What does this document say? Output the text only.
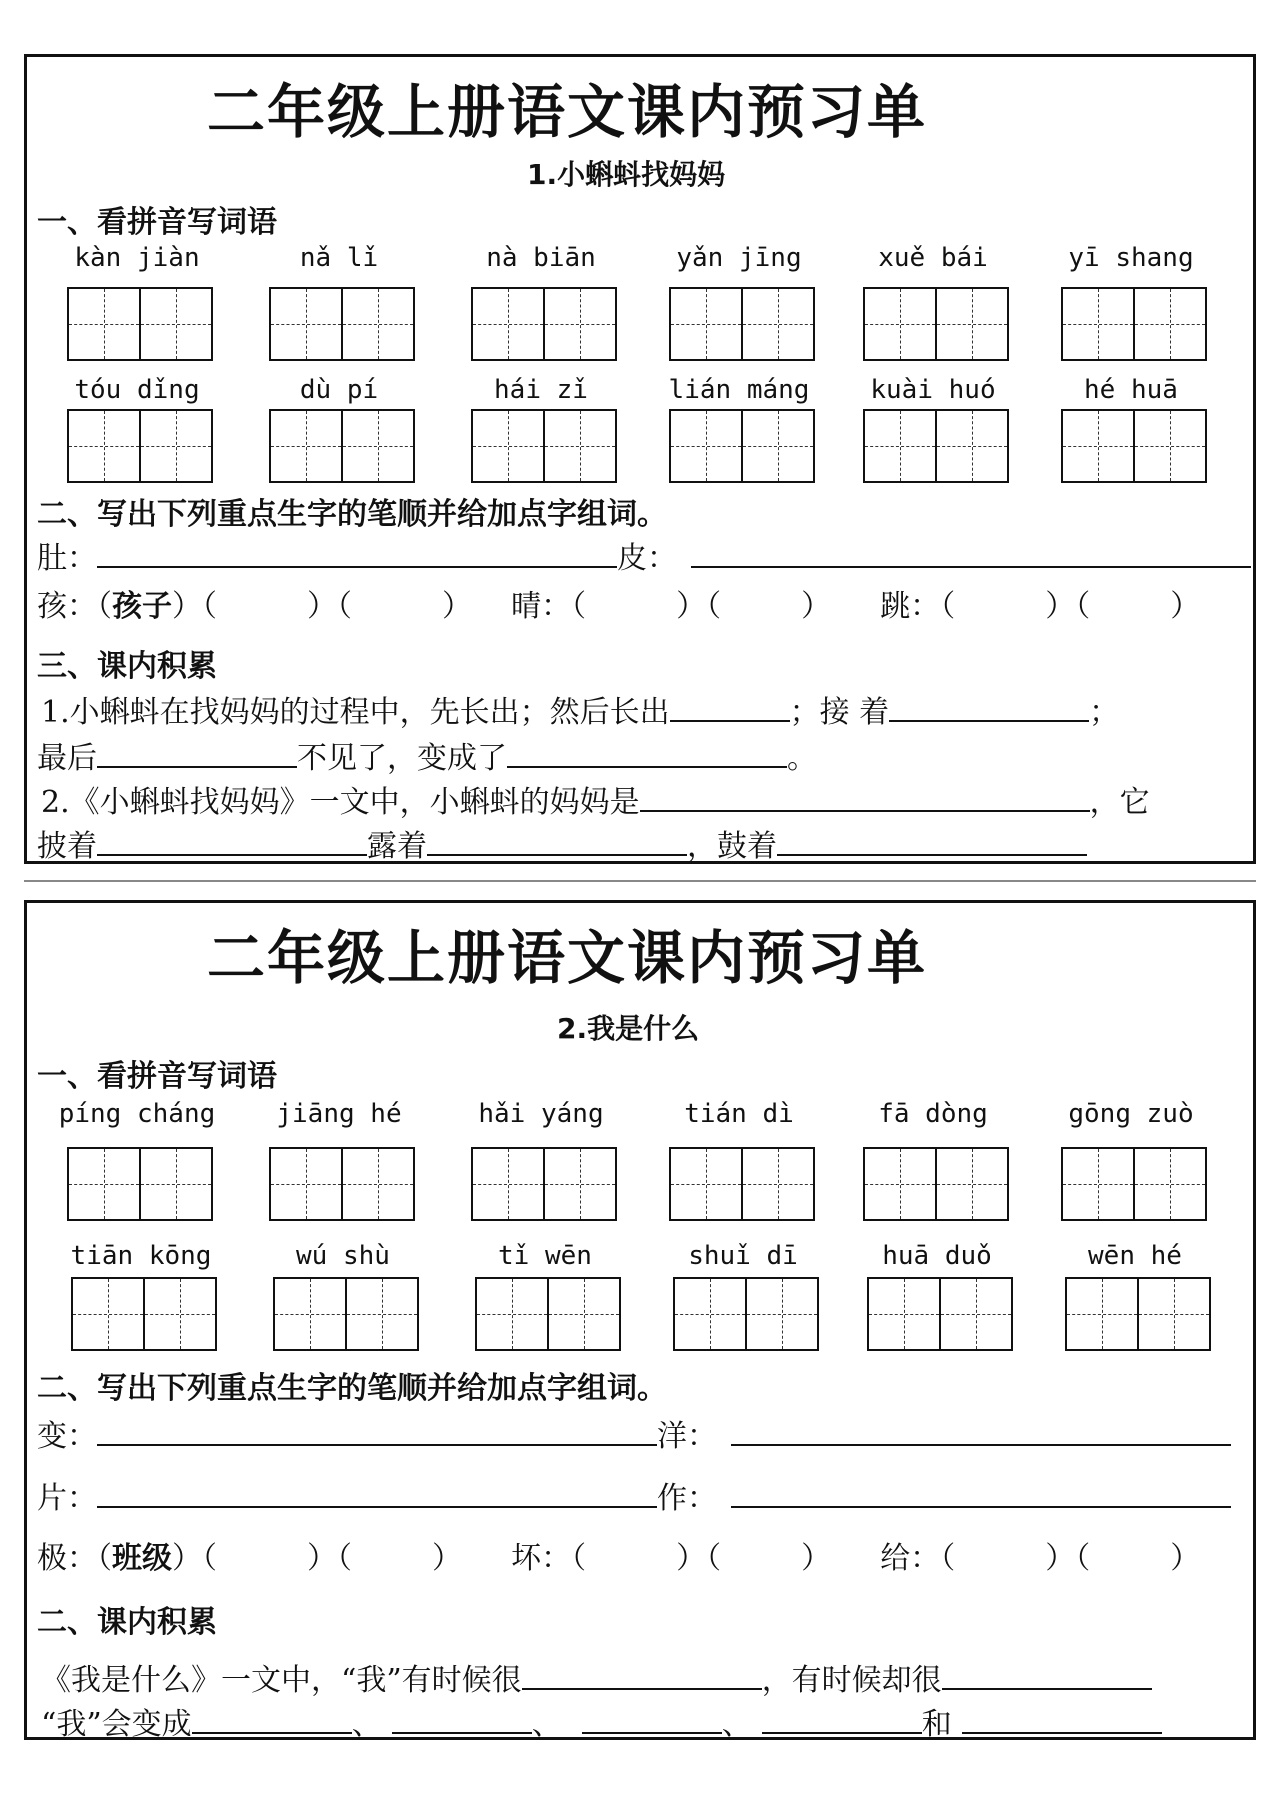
二年级上册语文课内预习单
1.小蝌蚪找妈妈
一、看拼音写词语
kàn jiàn	nǎ lǐ	nà biān	yǎn jīng	xuě bái	yī shang
tóu dǐng	dù pí	hái zǐ	lián máng	kuài huó	hé huā
二、写出下列重点生字的笔顺并给加点字组词。
肚：	皮：
孩：（孩子）（	）（	） 晴：（	）（	） 跳：（	）（	）
三、课内积累
1.小蝌蚪在找妈妈的过程中，先长出；然后长出	；接 着	；
最后	不见了，变成了	。
2.《小蝌蚪找妈妈》一文中，小蝌蚪的妈妈是	，它
披着	露着	，鼓着
二年级上册语文课内预习单
2.我是什么
一、看拼音写词语
píng cháng	jiāng hé	hǎi yáng	tián dì	fā dòng	gōng zuò
tiān kōng	wú shù	tǐ wēn	shuǐ dī	huā duǒ	wēn hé
二、写出下列重点生字的笔顺并给加点字组词。
变：	洋：
片：	作：
极：（班级）（	）（	） 坏：（	）（	） 给：（	）（	）
二、课内积累
《我是什么》一文中，“我”有时候很	，有时候却很
“我”会变成	、	、	、	和
